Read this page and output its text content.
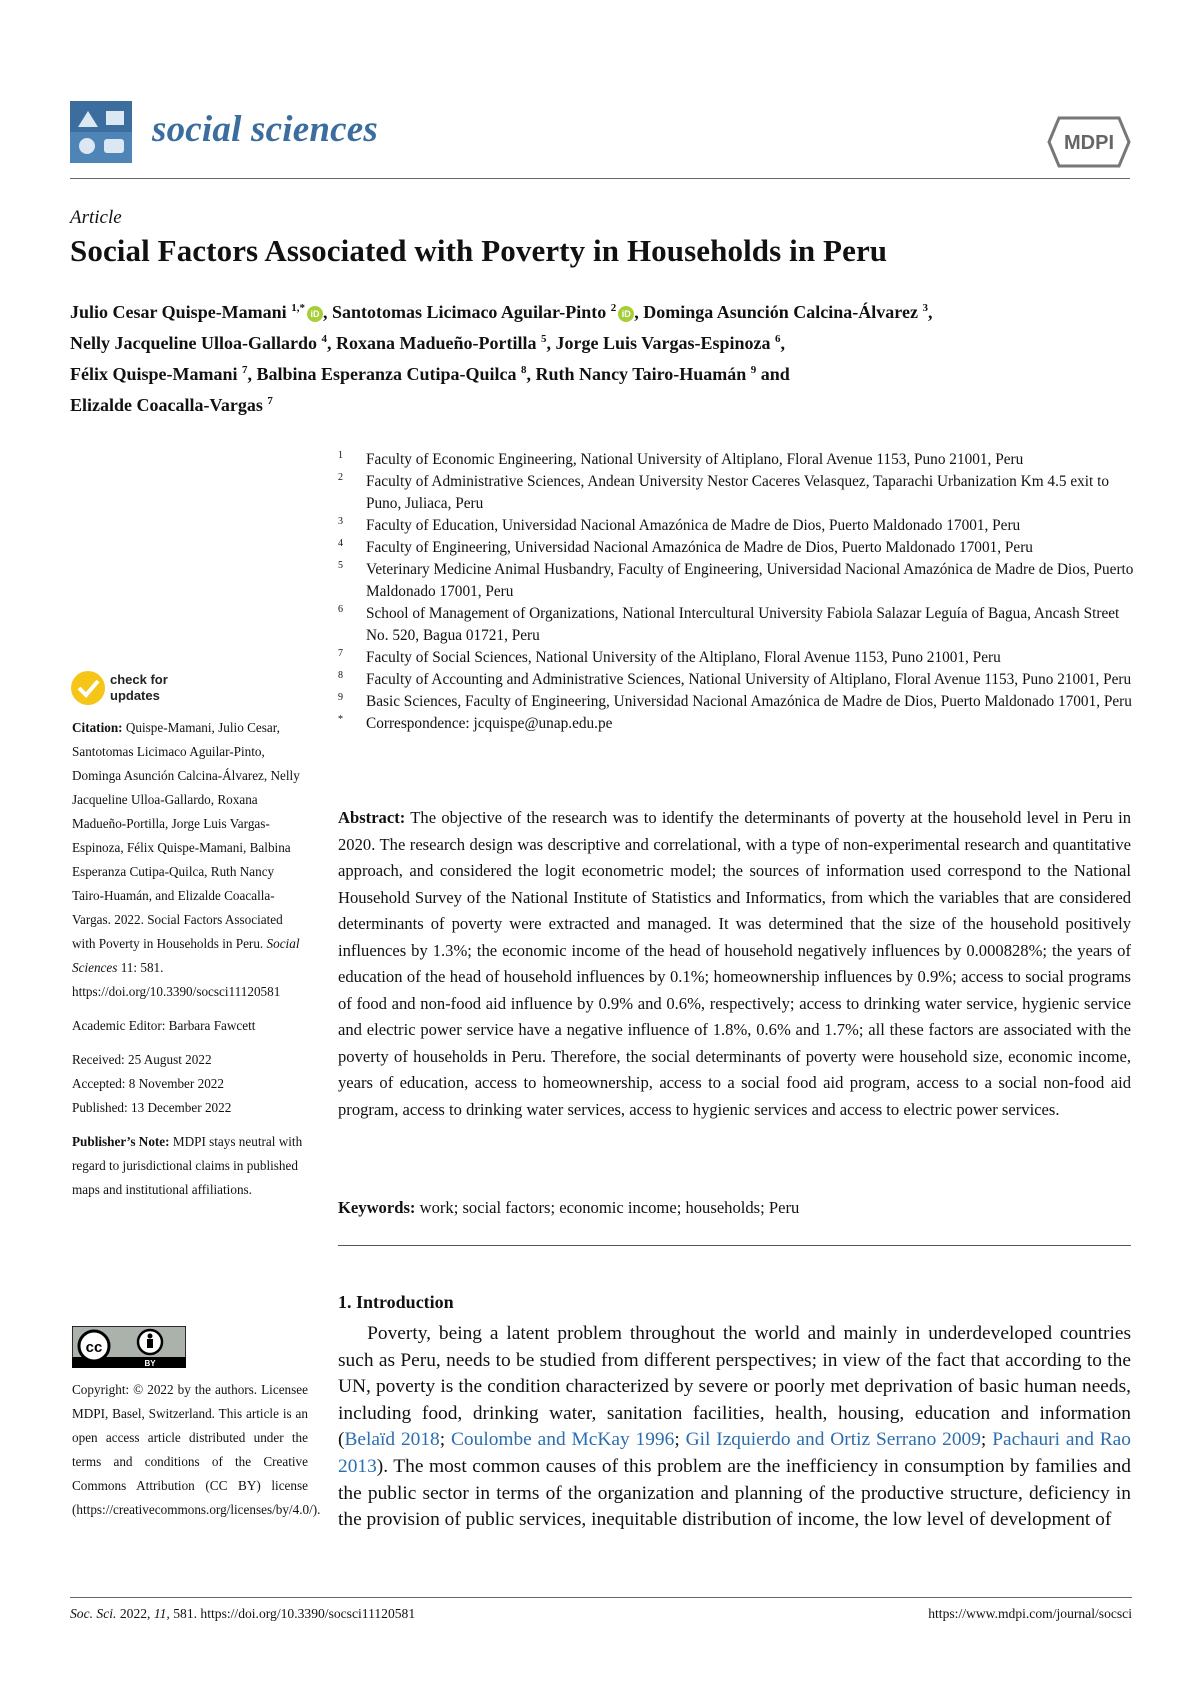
social sciences	MDPI
Article
Social Factors Associated with Poverty in Households in Peru
Julio Cesar Quispe-Mamani $^{1,*}$ iD , Santotomas Licimaco Aguilar-Pinto $^2$ iD , Dominga Asunción Calcina-Álvarez $^3$,
Nelly Jacqueline Ulloa-Gallardo $^4$, Roxana Madueño-Portilla $^5$, Jorge Luis Vargas-Espinoza $^6$,
Félix Quispe-Mamani $^7$, Balbina Esperanza Cutipa-Quilca $^8$, Ruth Nancy Tairo-Huamán $^9$ and
Elizalde Coacalla-Vargas $^7$
1 Faculty of Economic Engineering, National University of Altiplano, Floral Avenue 1153, Puno 21001, Peru
2 Faculty of Administrative Sciences, Andean University Nestor Caceres Velasquez, Taparachi Urbanization Km 4.5 exit to Puno, Juliaca, Peru
3 Faculty of Education, Universidad Nacional Amazónica de Madre de Dios, Puerto Maldonado 17001, Peru
4 Faculty of Engineering, Universidad Nacional Amazónica de Madre de Dios, Puerto Maldonado 17001, Peru
5 Veterinary Medicine Animal Husbandry, Faculty of Engineering, Universidad Nacional Amazónica de Madre de Dios, Puerto Maldonado 17001, Peru
6 School of Management of Organizations, National Intercultural University Fabiola Salazar Leguía of Bagua, Ancash Street No. 520, Bagua 01721, Peru
7 Faculty of Social Sciences, National University of the Altiplano, Floral Avenue 1153, Puno 21001, Peru
8 Faculty of Accounting and Administrative Sciences, National University of Altiplano, Floral Avenue 1153, Puno 21001, Peru
9 Basic Sciences, Faculty of Engineering, Universidad Nacional Amazónica de Madre de Dios, Puerto Maldonado 17001, Peru
* Correspondence: jcquispe@unap.edu.pe
Abstract: The objective of the research was to identify the determinants of poverty at the household level in Peru in 2020. The research design was descriptive and correlational, with a type of non-experimental research and quantitative approach, and considered the logit econometric model; the sources of information used correspond to the National Household Survey of the National Institute of Statistics and Informatics, from which the variables that are considered determinants of poverty were extracted and managed. It was determined that the size of the household positively influences by 1.3%; the economic income of the head of household negatively influences by 0.000828%; the years of education of the head of household influences by 0.1%; homeownership influences by 0.9%; access to social programs of food and non-food aid influence by 0.9% and 0.6%, respectively; access to drinking water service, hygienic service and electric power service have a negative influence of 1.8%, 0.6% and 1.7%; all these factors are associated with the poverty of households in Peru. Therefore, the social determinants of poverty were household size, economic income, years of education, access to homeownership, access to a social food aid program, access to a social non-food aid program, access to drinking water services, access to hygienic services and access to electric power services.
Keywords: work; social factors; economic income; households; Peru
1. Introduction
  Poverty, being a latent problem throughout the world and mainly in underdeveloped countries such as Peru, needs to be studied from different perspectives; in view of the fact that according to the UN, poverty is the condition characterized by severe or poorly met deprivation of basic human needs, including food, drinking water, sanitation facilities, health, housing, education and information (Belaïd 2018; Coulombe and McKay 1996; Gil Izquierdo and Ortiz Serrano 2009; Pachauri and Rao 2013). The most common causes of this problem are the inefficiency in consumption by families and the public sector in terms of the organization and planning of the productive structure, deficiency in the provision of public services, inequitable distribution of income, the low level of development of
check for
updates

Citation: Quispe-Mamani, Julio Cesar, Santotomas Licimaco Aguilar-Pinto, Dominga Asunción Calcina-Álvarez, Nelly Jacqueline Ulloa-Gallardo, Roxana Madueño-Portilla, Jorge Luis Vargas-Espinoza, Félix Quispe-Mamani, Balbina Esperanza Cutipa-Quilca, Ruth Nancy Tairo-Huamán, and Elizalde Coacalla-Vargas. 2022. Social Factors Associated with Poverty in Households in Peru. Social Sciences 11: 581. https://doi.org/10.3390/socsci11120581

Academic Editor: Barbara Fawcett

Received: 25 August 2022

Accepted: 8 November 2022

Published: 13 December 2022

Publisher’s Note: MDPI stays neutral with regard to jurisdictional claims in published maps and institutional affiliations.

cc
BY
Copyright: © 2022 by the authors. Licensee MDPI, Basel, Switzerland. This article is an open access article distributed under the terms and conditions of the Creative Commons Attribution (CC BY) license (https://creativecommons.org/licenses/by/4.0/).
Soc. Sci. 2022, 11, 581. https://doi.org/10.3390/socsci11120581	https://www.mdpi.com/journal/socsci
